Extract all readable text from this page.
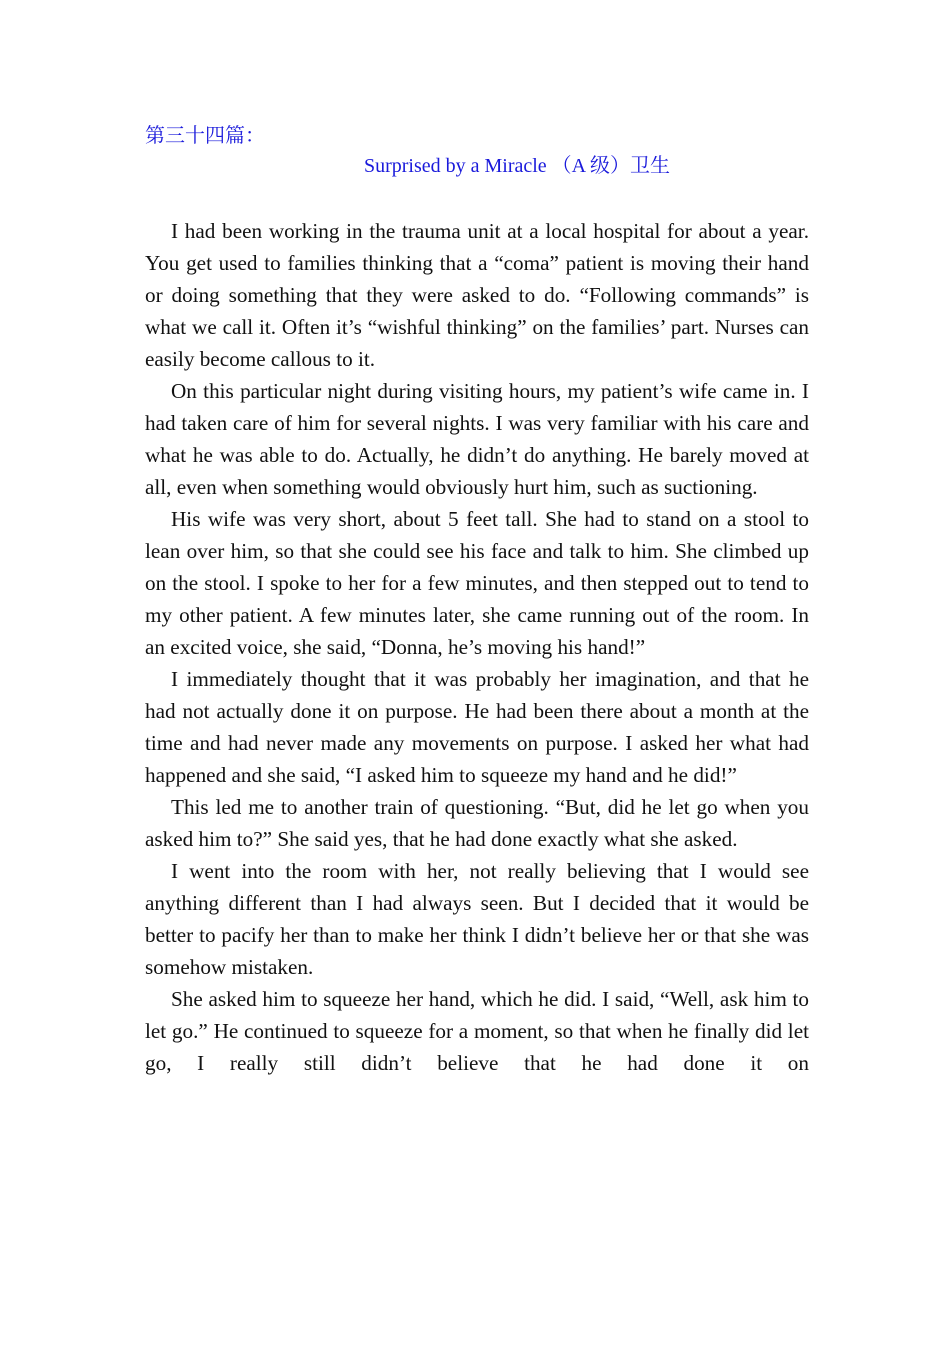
第三十四篇：
Surprised by a Miracle （A 级）卫生

I had been working in the trauma unit at a local hospital for about a year. You get used to families thinking that a “coma” patient is moving their hand or doing something that they were asked to do. “Following commands” is what we call it. Often it’s “wishful thinking” on the families’ part. Nurses can easily become callous to it.

On this particular night during visiting hours, my patient’s wife came in. I had taken care of him for several nights. I was very familiar with his care and what he was able to do. Actually, he didn’t do anything. He barely moved at all, even when something would obviously hurt him, such as suctioning.

His wife was very short, about 5 feet tall. She had to stand on a stool to lean over him, so that she could see his face and talk to him. She climbed up on the stool. I spoke to her for a few minutes, and then stepped out to tend to my other patient. A few minutes later, she came running out of the room. In an excited voice, she said, “Donna, he’s moving his hand!”

I immediately thought that it was probably her imagination, and that he had not actually done it on purpose. He had been there about a month at the time and had never made any movements on purpose. I asked her what had happened and she said, “I asked him to squeeze my hand and he did!”

This led me to another train of questioning. “But, did he let go when you asked him to?” She said yes, that he had done exactly what she asked.

I went into the room with her, not really believing that I would see anything different than I had always seen. But I decided that it would be better to pacify her than to make her think I didn’t believe her or that she was somehow mistaken.

She asked him to squeeze her hand, which he did. I said, “Well, ask him to let go.” He continued to squeeze for a moment, so that when he finally did let go, I really still didn’t believe that he had done it on
